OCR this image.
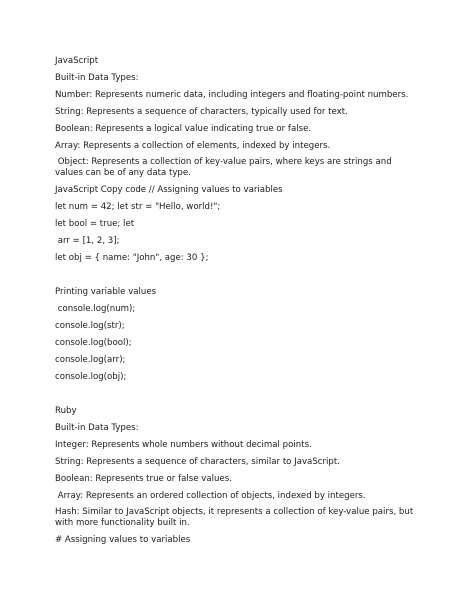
JavaScript

Built-in Data Types:

Number: Represents numeric data, including integers and floating-point numbers.

String: Represents a sequence of characters, typically used for text.

Boolean: Represents a logical value indicating true or false.

Array: Represents a collection of elements, indexed by integers.

Object: Represents a collection of key-value pairs, where keys are strings and
values can be of any data type.

JavaScript Copy code // Assigning values to variables

let num = 42; let str = "Hello, world!";

let bool = true; let

arr = [1, 2, 3];

let obj = { name: "John", age: 30 };

Printing variable values

console.log(num);

console.log(str);

console.log(bool);

console.log(arr);

console.log(obj);

Ruby

Built-in Data Types:

Integer: Represents whole numbers without decimal points.

String: Represents a sequence of characters, similar to JavaScript.

Boolean: Represents true or false values.

Array: Represents an ordered collection of objects, indexed by integers.

Hash: Similar to JavaScript objects, it represents a collection of key-value pairs, but
with more functionality built in.

# Assigning values to variables
